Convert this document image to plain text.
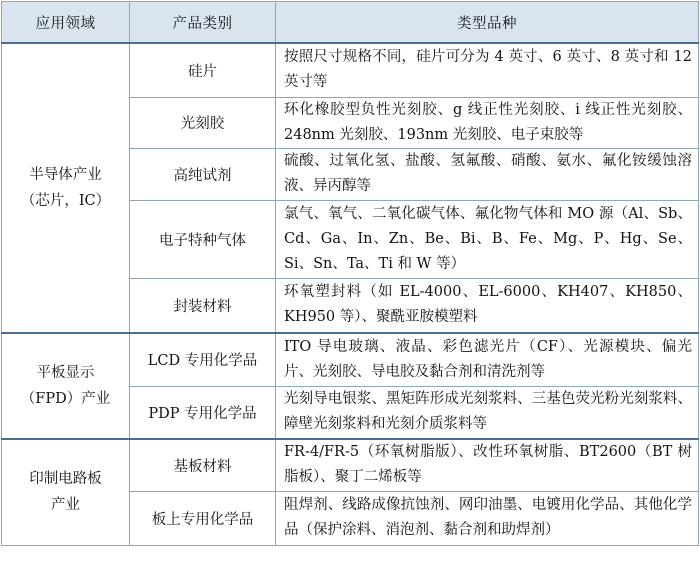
应用领域	产品类别	类型品种

半导体产业
（芯片，IC）	硅片	按照尺寸规格不同，硅片可分为 4 英寸、6 英寸、8 英寸和 12 英寸等
	光刻胶	环化橡胶型负性光刻胶、g 线正性光刻胶、i 线正性光刻胶、248nm 光刻胶、193nm 光刻胶、电子束胶等
	高纯试剂	硫酸、过氧化氢、盐酸、氢氟酸、硝酸、氨水、氟化铵缓蚀溶液、异丙醇等
	电子特种气体	氯气、氧气、二氧化碳气体、氟化物气体和 MO 源（Al、Sb、Cd、Ga、In、Zn、Be、Bi、B、Fe、Mg、P、Hg、Se、Si、Sn、Ta、Ti 和 W 等）
	封装材料	环氧塑封料（如 EL-4000、EL-6000、KH407、KH850、KH950 等）、聚酰亚胺模塑料

平板显示
（FPD）产业	LCD 专用化学品	ITO 导电玻璃、液晶、彩色滤光片（CF）、光源模块、偏光片、光刻胶、导电胶及黏合剂和清洗剂等
	PDP 专用化学品	光刻导电银浆、黑矩阵形成光刻浆料、三基色荧光粉光刻浆料、障壁光刻浆料和光刻介质浆料等

印制电路板
产业	基板材料	FR-4/FR-5（环氧树脂版）、改性环氧树脂、BT2600（BT 树脂板）、聚丁二烯板等
	板上专用化学品	阻焊剂、线路成像抗蚀剂、网印油墨、电镀用化学品、其他化学品（保护涂料、消泡剂、黏合剂和助焊剂）
